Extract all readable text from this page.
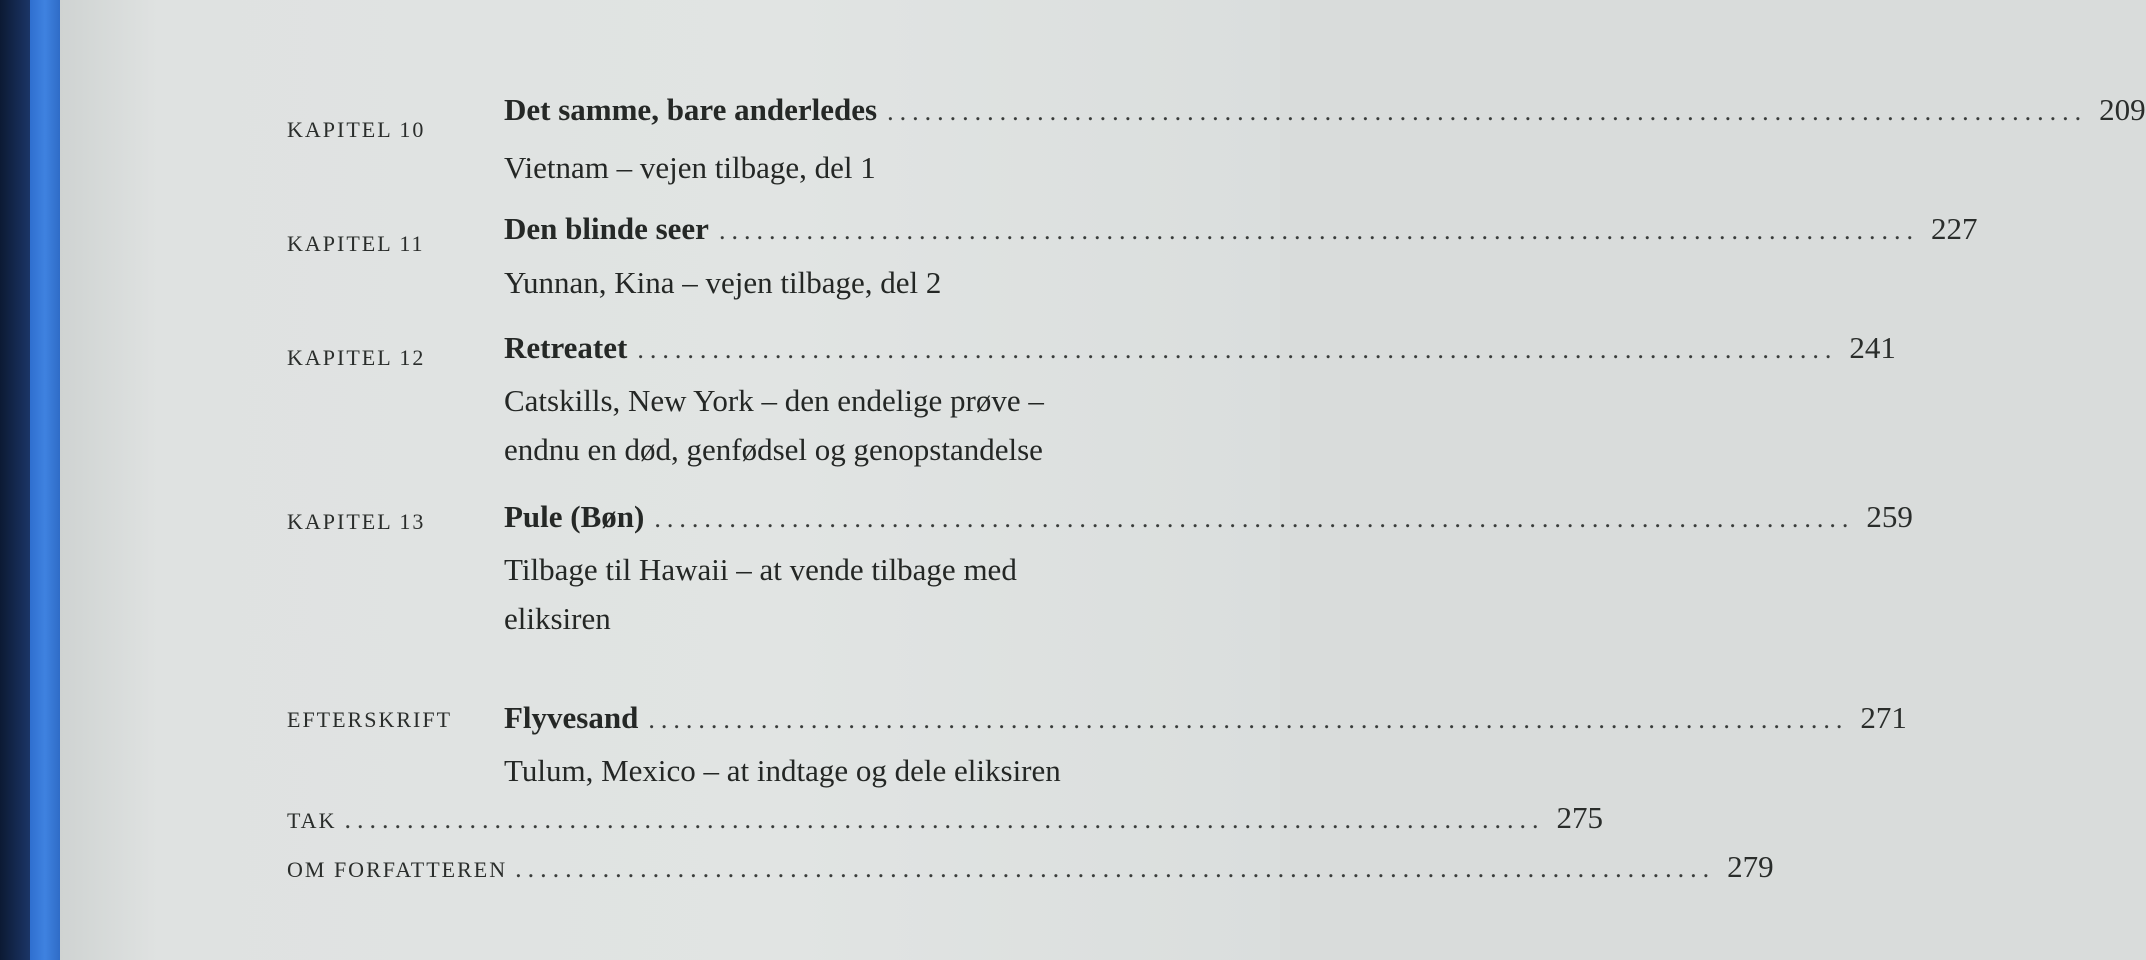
KAPITEL 10
Det samme, bare anderledes ................................................................................................ 209
Vietnam – vejen tilbage, del 1
KAPITEL 11	Den blinde seer ................................................................................................ 227
Yunnan, Kina – vejen tilbage, del 2
KAPITEL 12	Retreatet ................................................................................................ 241
Catskills, New York – den endelige prøve –
endnu en død, genfødsel og genopstandelse
KAPITEL 13	Pule (Bøn) ................................................................................................ 259
Tilbage til Hawaii – at vende tilbage med
eliksiren
EFTERSKRIFT Flyvesand ................................................................................................ 271
Tulum, Mexico – at indtage og dele eliksiren
TAK ................................................................................................ 275
OM FORFATTEREN ................................................................................................ 279
